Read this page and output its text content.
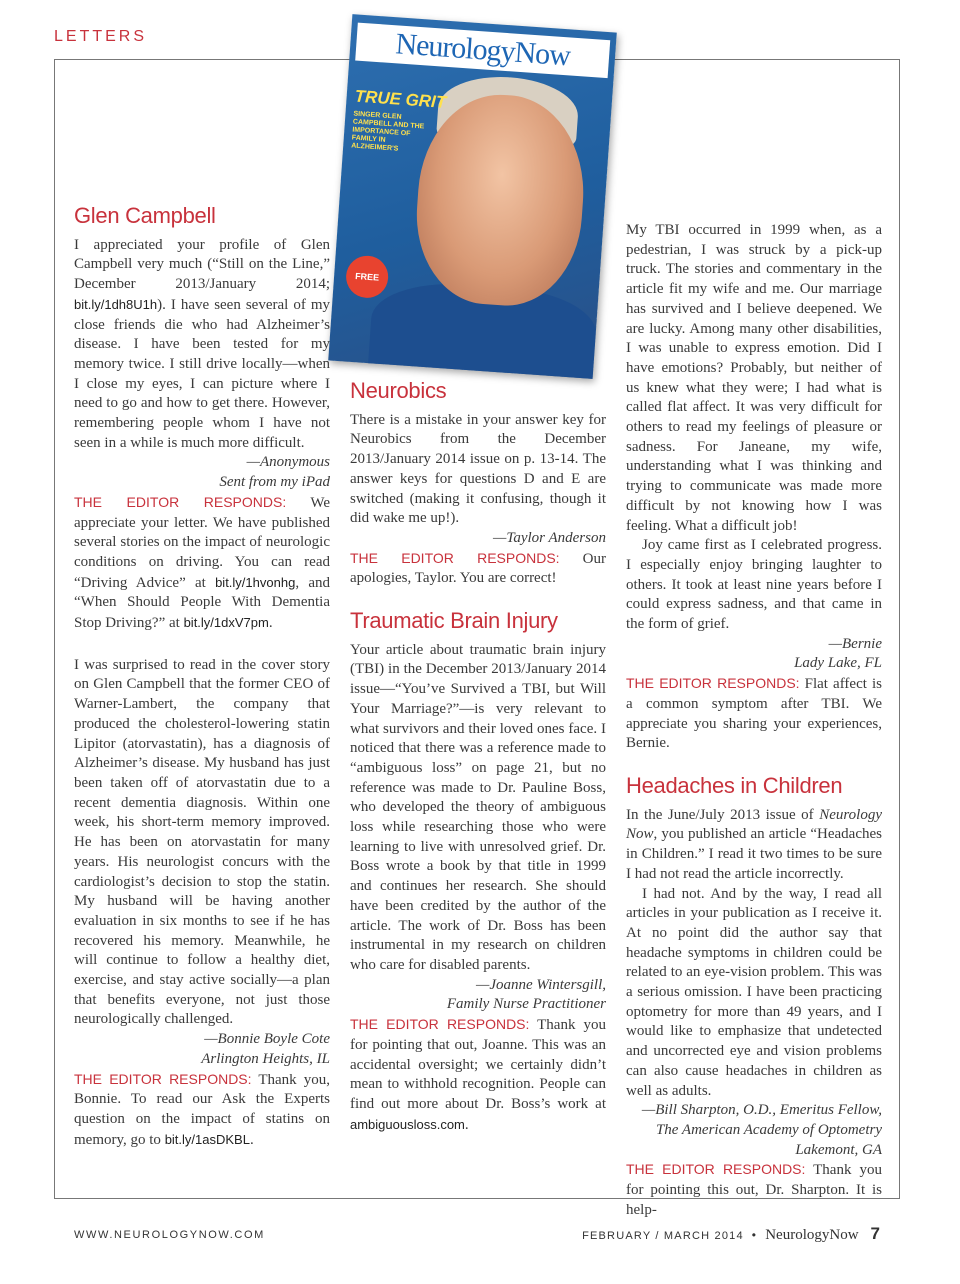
LETTERS	NeurologyNow
TRUE GRIT
SINGER GLEN CAMPBELL AND THE IMPORTANCE OF FAMILY IN ALZHEIMER'S
FREE
Glen Campbell

I appreciated your profile of Glen Campbell very much (“Still on the Line,” December 2013/January 2014; bit.ly/1dh8U1h). I have seen several of my close friends die who had Alzheimer’s disease. I have been tested for my memory twice. I still drive locally—when I close my eyes, I can picture where I need to go and how to get there. However, remembering people whom I have not seen in a while is much more difficult.

—Anonymous
Sent from my iPad

THE EDITOR RESPONDS: We appreciate your letter. We have published several stories on the impact of neurologic conditions on driving. You can read “Driving Advice” at bit.ly/1hvonhg, and “When Should People With Dementia Stop Driving?” at bit.ly/1dxV7pm.

I was surprised to read in the cover story on Glen Campbell that the former CEO of Warner-Lambert, the company that produced the cholesterol-lowering statin Lipitor (atorvastatin), has a diagnosis of Alzheimer’s disease. My husband has just been taken off of atorvastatin due to a recent dementia diagnosis. Within one week, his short-term memory improved. He has been on atorvastatin for many years. His neurologist concurs with the cardiologist’s decision to stop the statin. My husband will be having another evaluation in six months to see if he has recovered his memory. Meanwhile, he will continue to follow a healthy diet, exercise, and stay active socially—a plan that benefits everyone, not just those neurologically challenged.

—Bonnie Boyle Cote
Arlington Heights, IL

THE EDITOR RESPONDS: Thank you, Bonnie. To read our Ask the Experts question on the impact of statins on memory, go to bit.ly/1asDKBL.

Neurobics

There is a mistake in your answer key for Neurobics from the December 2013/January 2014 issue on p. 13-14. The answer keys for questions D and E are switched (making it confusing, though it did wake me up!).

—Taylor Anderson

THE EDITOR RESPONDS: Our apologies, Taylor. You are correct!

Traumatic Brain Injury

Your article about traumatic brain injury (TBI) in the December 2013/January 2014 issue—“You’ve Survived a TBI, but Will Your Marriage?”—is very relevant to what survivors and their loved ones face. I noticed that there was a reference made to “ambiguous loss” on page 21, but no reference was made to Dr. Pauline Boss, who developed the theory of ambiguous loss while researching those who were learning to live with unresolved grief. Dr. Boss wrote a book by that title in 1999 and continues her research. She should have been credited by the author of the article. The work of Dr. Boss has been instrumental in my research on children who care for disabled parents.

—Joanne Wintersgill,
Family Nurse Practitioner

THE EDITOR RESPONDS: Thank you for pointing that out, Joanne. This was an accidental oversight; we certainly didn’t mean to withhold recognition. People can find out more about Dr. Boss’s work at ambiguousloss.com.

My TBI occurred in 1999 when, as a pedestrian, I was struck by a pick-up truck. The stories and commentary in the article fit my wife and me. Our marriage has survived and I believe deepened. We are lucky. Among many other disabilities, I was unable to express emotion. Did I have emotions? Probably, but neither of us knew what they were; I had what is called flat affect. It was very difficult for others to read my feelings of pleasure or sadness. For Janeane, my wife, understanding what I was thinking and trying to communicate was made more difficult by not knowing how I was feeling. What a difficult job!

Joy came first as I celebrated progress. I especially enjoy bringing laughter to others. It took at least nine years before I could express sadness, and that came in the form of grief.

—Bernie
Lady Lake, FL

THE EDITOR RESPONDS: Flat affect is a common symptom after TBI. We appreciate you sharing your experiences, Bernie.

Headaches in Children

In the June/July 2013 issue of Neurology Now, you published an article “Headaches in Children.” I read it two times to be sure I had not read the article incorrectly.

I had not. And by the way, I read all articles in your publication as I receive it. At no point did the author say that headache symptoms in children could be related to an eye-vision problem. This was a serious omission. I have been practicing optometry for more than 49 years, and I would like to emphasize that undetected and uncorrected eye and vision problems can also cause headaches in children as well as adults.

—Bill Sharpton, O.D., Emeritus Fellow,
The American Academy of Optometry
Lakemont, GA

THE EDITOR RESPONDS: Thank you for pointing this out, Dr. Sharpton. It is help-

WWW.NEUROLOGYNOW.COM	FEBRUARY / MARCH 2014 • NeurologyNow 7
